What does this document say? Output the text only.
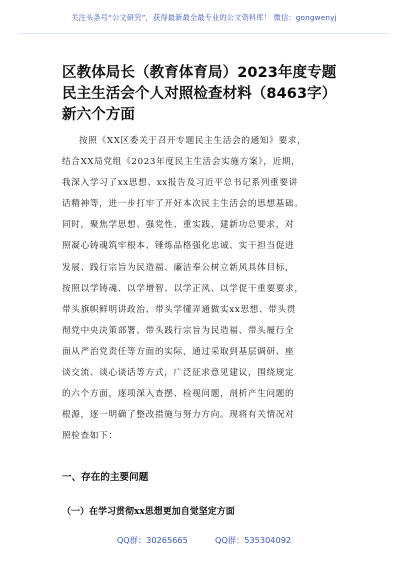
关注头条号“公文研究”，获得最新最全最专业的公文资料库！ 微信：gongwenyj
区教体局长（教育体育局）2023年度专题
民主生活会个人对照检查材料（8463字）
新六个方面
按照《XX区委关于召开专题民主生活会的通知》要求，
结合XX局党组《2023年度民主生活会实施方案》，近期，
我深入学习了xx思想、xx报告及习近平总书记系列重要讲
话精神等，进一步打牢了开好本次民主生活会的思想基础。
同时，聚焦学思想、强党性、重实践、建新功总要求，对
照凝心铸魂筑牢根本、锤炼品格强化忠诚、实干担当促进
发展、践行宗旨为民造福、廉洁奉公树立新风具体目标，
按照以学铸魂、以学增智、以学正风、以学促干重要要求，
带头旗帜鲜明讲政治、带头学懂弄通做实xx思想、带头贯
彻党中央决策部署、带头践行宗旨为民造福、带头履行全
面从严治党责任等方面的实际，通过采取到基层调研、座
谈交流、谈心谈话等方式，广泛征求意见建议，围绕规定
的六个方面，逐项深入查摆、检视问题，剖析产生问题的
根源，逐一明确了整改措施与努力方向。现将有关情况对
照检查如下：
一、存在的主要问题
（一）在学习贯彻xx思想更加自觉坚定方面
QQ群：30265665	QQ群：535304092
